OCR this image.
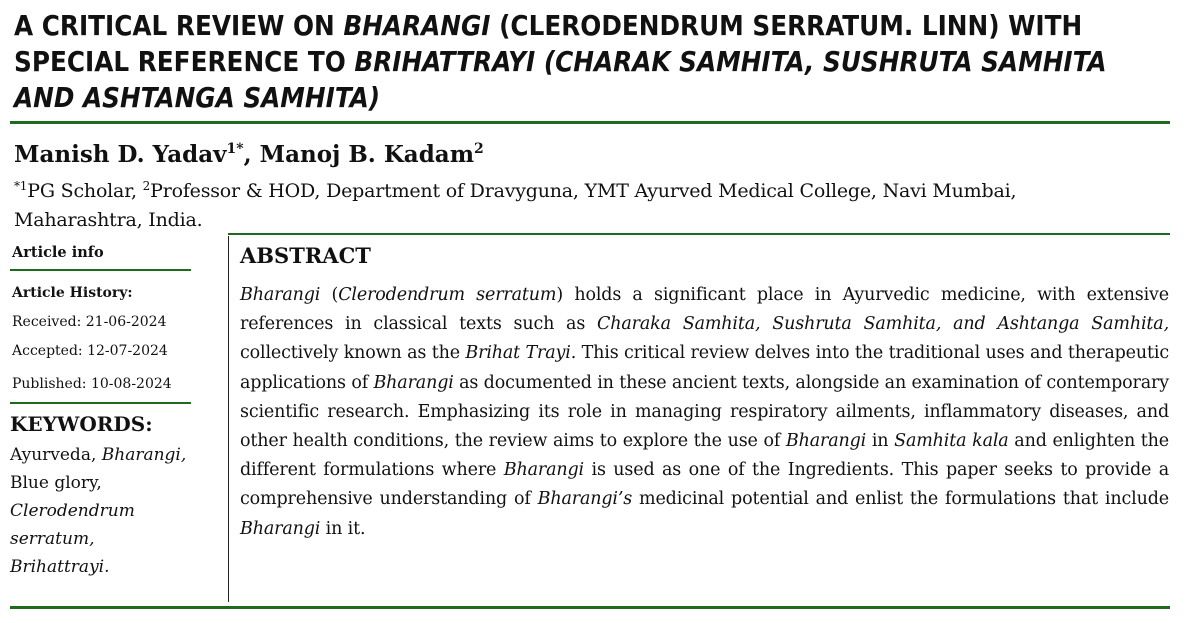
A CRITICAL REVIEW ON BHARANGI (CLERODENDRUM SERRATUM. LINN) WITH SPECIAL REFERENCE TO BRIHATTRAYI (CHARAK SAMHITA, SUSHRUTA SAMHITA AND ASHTANGA SAMHITA)
Manish D. Yadav$^{1*}$, Manoj B. Kadam$^2$
$^{*1}$PG Scholar, $^2$Professor & HOD, Department of Dravyguna, YMT Ayurved Medical College, Navi Mumbai, Maharashtra, India.
Article info
Article History:
Received: 21-06-2024
Accepted: 12-07-2024
Published: 10-08-2024
KEYWORDS:
Ayurveda, Bharangi,
Blue glory,
Clerodendrum serratum,
Brihattrayi.
ABSTRACT
Bharangi (Clerodendrum serratum) holds a significant place in Ayurvedic medicine, with extensive references in classical texts such as Charaka Samhita, Sushruta Samhita, and Ashtanga Samhita, collectively known as the Brihat Trayi. This critical review delves into the traditional uses and therapeutic applications of Bharangi as documented in these ancient texts, alongside an examination of contemporary scientific research. Emphasizing its role in managing respiratory ailments, inflammatory diseases, and other health conditions, the review aims to explore the use of Bharangi in Samhita kala and enlighten the different formulations where Bharangi is used as one of the Ingredients. This paper seeks to provide a comprehensive understanding of Bharangi’s medicinal potential and enlist the formulations that include Bharangi in it.
